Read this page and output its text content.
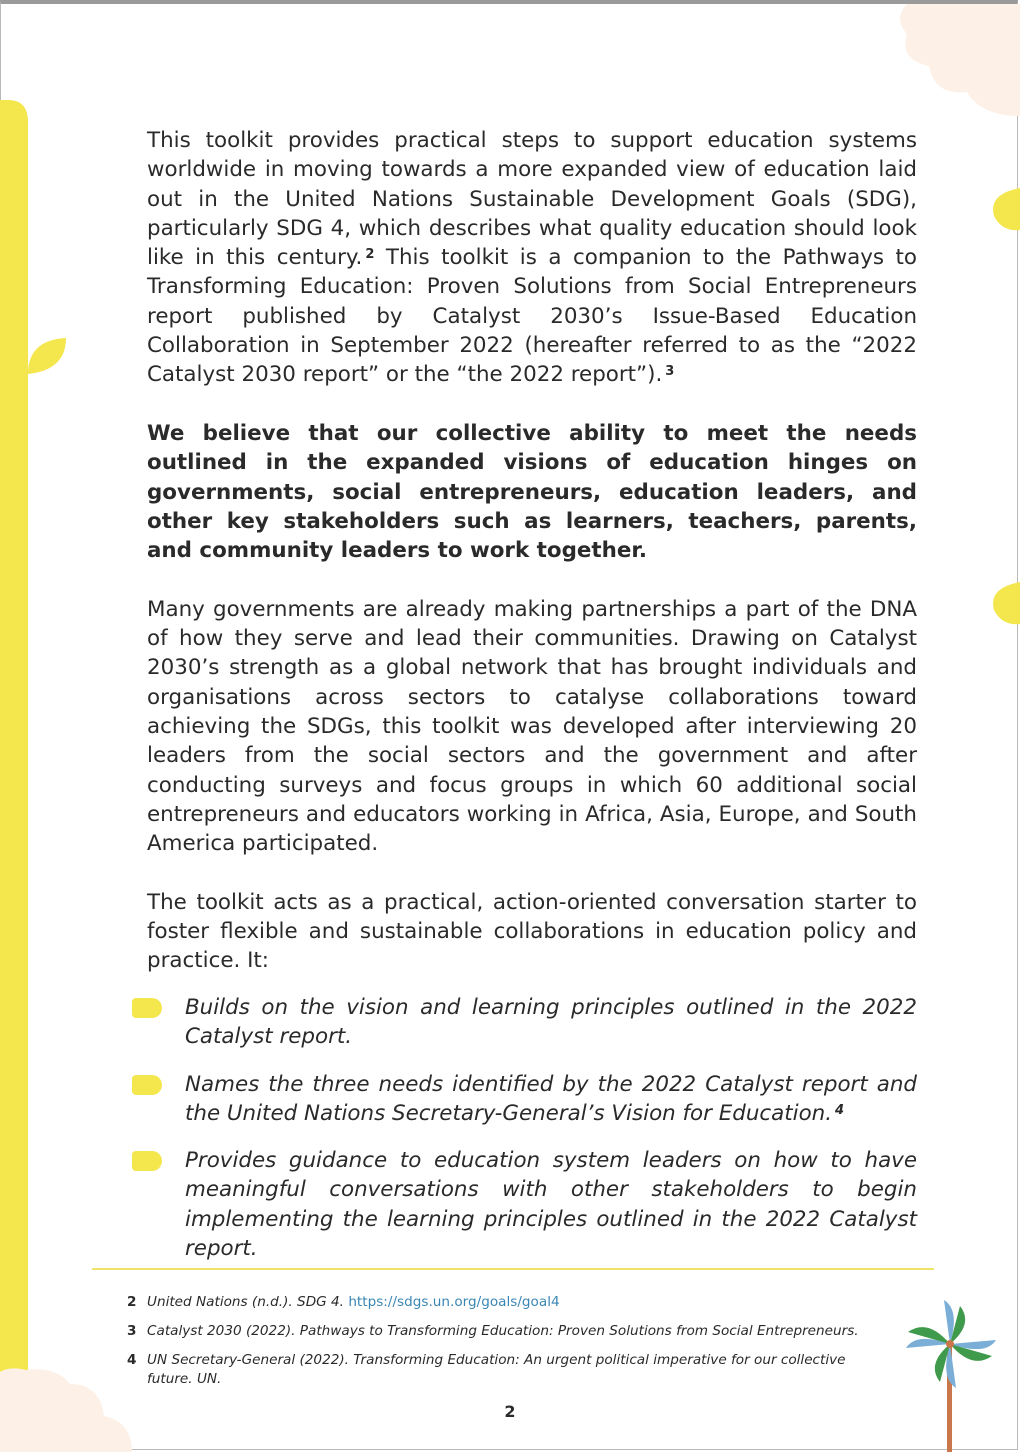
This toolkit provides practical steps to support education systems worldwide in moving towards a more expanded view of education laid out in the United Nations Sustainable Development Goals (SDG), particularly SDG 4, which describes what quality education should look like in this century. $^2$ This toolkit is a companion to the Pathways to Transforming Education: Proven Solutions from Social Entrepreneurs report published by Catalyst 2030’s Issue-Based Education Collaboration in September 2022 (hereafter referred to as the “2022 Catalyst 2030 report” or the “the 2022 report”). $^3$

We believe that our collective ability to meet the needs outlined in the expanded visions of education hinges on governments, social entrepreneurs, education leaders, and other key stakeholders such as learners, teachers, parents, and community leaders to work together.

Many governments are already making partnerships a part of the DNA of how they serve and lead their communities. Drawing on Catalyst 2030’s strength as a global network that has brought individuals and organisations across sectors to catalyse collaborations toward achieving the SDGs, this toolkit was developed after interviewing 20 leaders from the social sectors and the government and after conducting surveys and focus groups in which 60 additional social entrepreneurs and educators working in Africa, Asia, Europe, and South America participated.

The toolkit acts as a practical, action-oriented conversation starter to foster flexible and sustainable collaborations in education policy and practice. It:

Builds on the vision and learning principles outlined in the 2022 Catalyst report.
Names the three needs identified by the 2022 Catalyst report and the United Nations Secretary-General’s Vision for Education. $^4$
Provides guidance to education system leaders on how to have meaningful conversations with other stakeholders to begin implementing the learning principles outlined in the 2022 Catalyst report.
2 United Nations (n.d.). SDG 4. https://sdgs.un.org/goals/goal4
3 Catalyst 2030 (2022). Pathways to Transforming Education: Proven Solutions from Social Entrepreneurs.
4 UN Secretary-General (2022). Transforming Education: An urgent political imperative for our collective future. UN.
2
